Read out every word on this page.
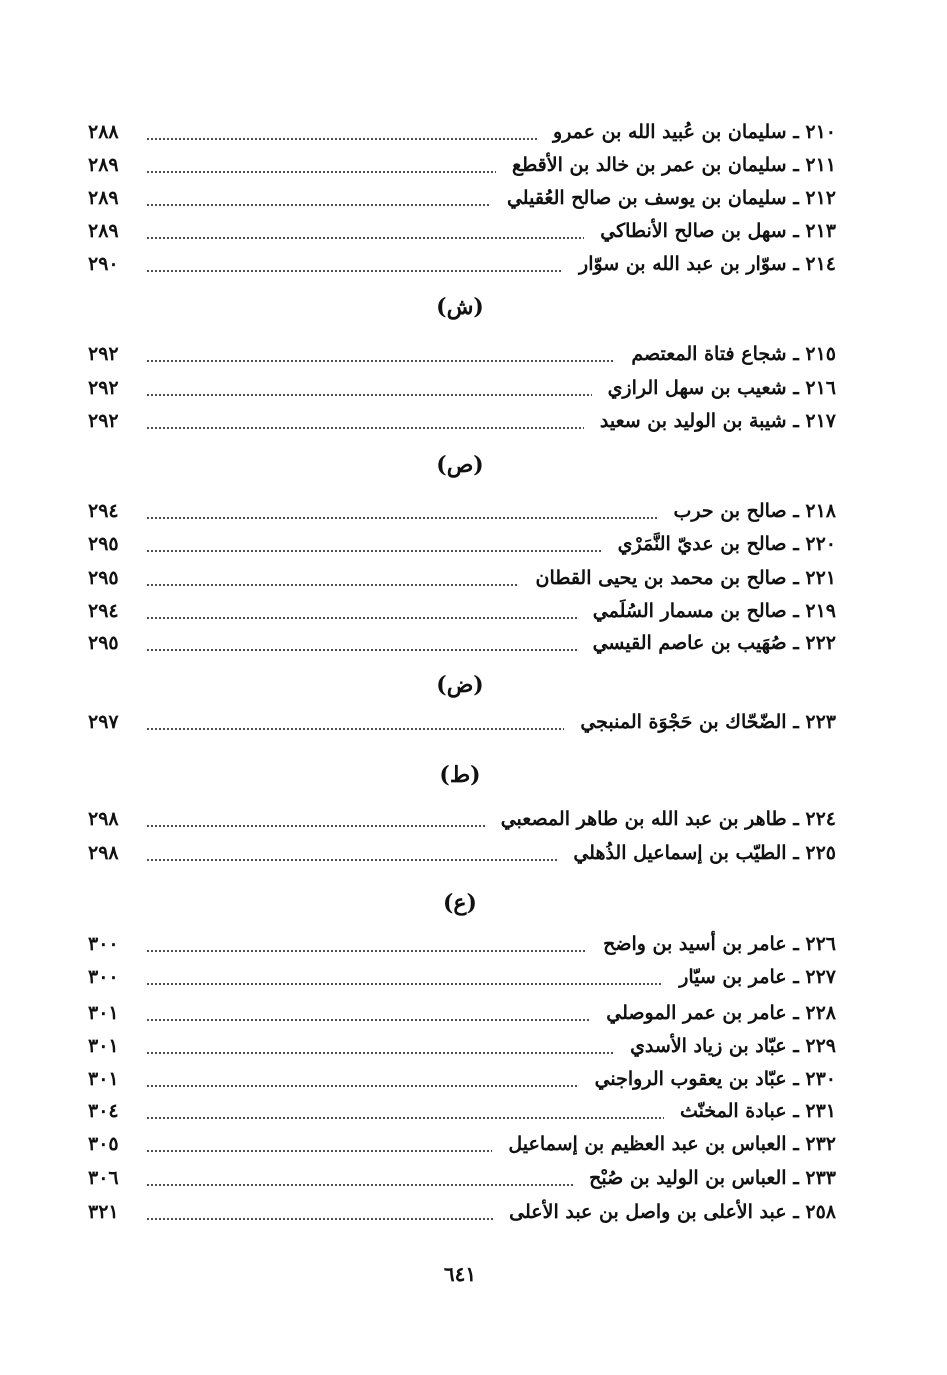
٦٤١
٢١٠ ـ سليمان بن عُبيد الله بن عمرو
٢٨٨
٢١١ ـ سليمان بن عمر بن خالد بن الأقطع
٢٨٩
٢١٢ ـ سليمان بن يوسف بن صالح العُقيلي
٢٨٩
٢١٣ ـ سهل بن صالح الأنطاكي
٢٨٩
٢١٤ ـ سوّار بن عبد الله بن سوّار
٢٩٠
(ش)
٢١٥ ـ شجاع فتاة المعتصم
٢٩٢
٢١٦ ـ شعيب بن سهل الرازي
٢٩٢
٢١٧ ـ شيبة بن الوليد بن سعيد
٢٩٢
(ص)
٢١٨ ـ صالح بن حرب
٢٩٤
٢٢٠ ـ صالح بن عديّ النَّمَرْي
٢٩٥
٢٢١ ـ صالح بن محمد بن يحيى القطان
٢٩٥
٢١٩ ـ صالح بن مسمار السُلَمي
٢٩٤
٢٢٢ ـ صُهَيب بن عاصم القيسي
٢٩٥
(ض)
٢٢٣ ـ الضّحّاك بن حَجْوَة المنبجي
٢٩٧
(ط)
٢٢٤ ـ طاهر بن عبد الله بن طاهر المصعبي
٢٩٨
٢٢٥ ـ الطيّب بن إسماعيل الذُهلي
٢٩٨
(ع)
٢٢٦ ـ عامر بن أسيد بن واضح
٣٠٠
٢٢٧ ـ عامر بن سيّار
٣٠٠
٢٢٨ ـ عامر بن عمر الموصلي
٣٠١
٢٢٩ ـ عبّاد بن زياد الأسدي
٣٠١
٢٣٠ ـ عبّاد بن يعقوب الرواجني
٣٠١
٢٣١ ـ عبادة المخنّث
٣٠٤
٢٣٢ ـ العباس بن عبد العظيم بن إسماعيل
٣٠٥
٢٣٣ ـ العباس بن الوليد بن صُبْح
٣٠٦
٢٥٨ ـ عبد الأعلى بن واصل بن عبد الأعلى
٣٢١
